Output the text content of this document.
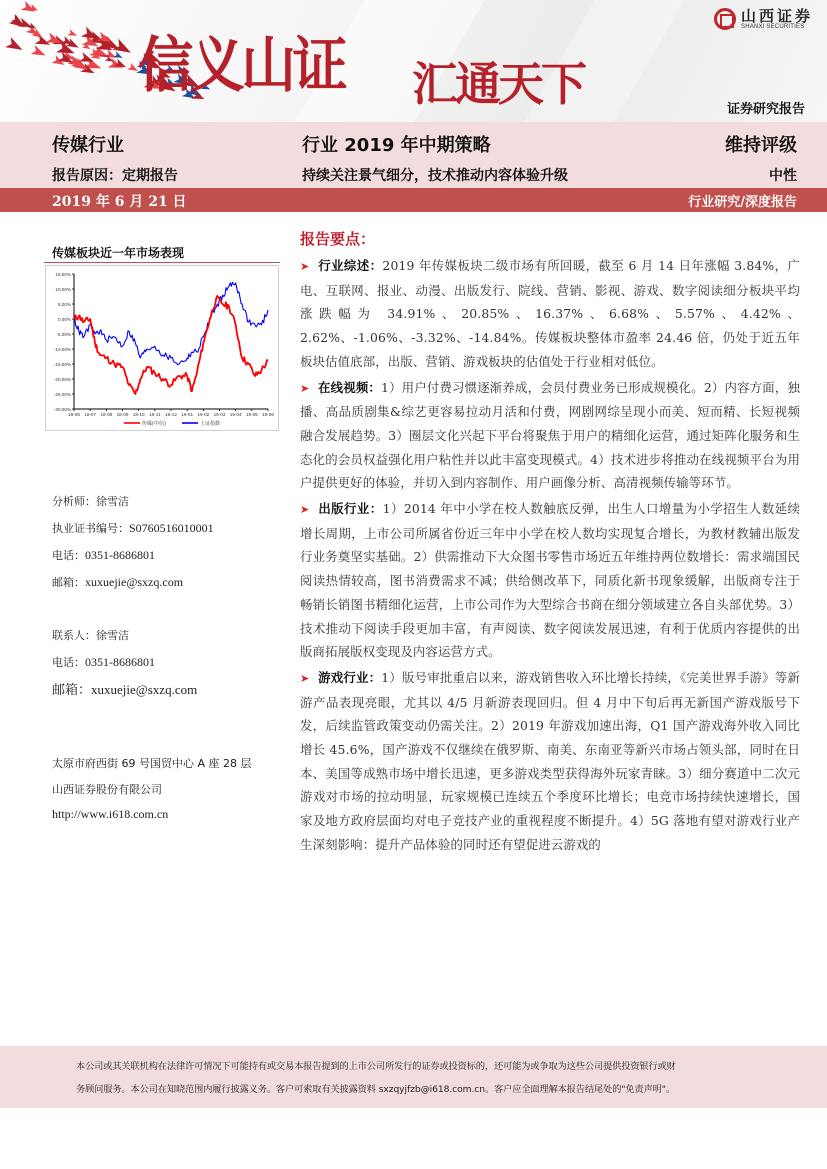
信义山证 汇通天下
山西证券
SHANXI SECURITIES
证券研究报告
传媒行业	行业 2019 年中期策略	维持评级
报告原因：定期报告	持续关注景气细分，技术推动内容体验升级	中性
2019 年 6 月 21 日	行业研究/深度报告
传媒板块近一年市场表现
15.00%
10.00%
5.00%
0.00%
-5.00%
-10.00%
-15.00%
-20.00%
-25.00%
-30.00%
18-06 18-07 18-08 18-09 18-10 18-11 18-12 19-01 19-02 19-03 19-04 19-05 19-06
传媒(中信)	上证指数
分析师：徐雪洁
执业证书编号：S0760516010001
电话：0351-8686801
邮箱：xuxuejie@sxzq.com
联系人：徐雪洁
电话：0351-8686801
邮箱：xuxuejie@sxzq.com
太原市府西街 69 号国贸中心 A 座 28 层
山西证券股份有限公司
http://www.i618.com.cn
报告要点：
➤ 行业综述：2019 年传媒板块二级市场有所回暖，截至 6 月 14 日年涨幅 3.84%，广电、互联网、报业、动漫、出版发行、院线、营销、影视、游戏、数字阅读细分板块平均涨跌幅为 34.91%、20.85%、16.37%、6.68%、5.57%、4.42%、2.62%、-1.06%、-3.32%、-14.84%。传媒板块整体市盈率 24.46 倍，仍处于近五年板块估值底部，出版、营销、游戏板块的估值处于行业相对低位。
➤ 在线视频：1）用户付费习惯逐渐养成，会员付费业务已形成规模化。2）内容方面，独播、高品质剧集&综艺更容易拉动月活和付费，网剧网综呈现小而美、短而精、长短视频融合发展趋势。3）圈层文化兴起下平台将聚焦于用户的精细化运营，通过矩阵化服务和生态化的会员权益强化用户粘性并以此丰富变现模式。4）技术进步将推动在线视频平台为用户提供更好的体验，并切入到内容制作、用户画像分析、高清视频传输等环节。
➤ 出版行业：1）2014 年中小学在校人数触底反弹，出生人口增量为小学招生人数延续增长周期，上市公司所属省份近三年中小学在校人数均实现复合增长，为教材教辅出版发行业务奠坚实基础。2）供需推动下大众图书零售市场近五年维持两位数增长：需求端国民阅读热情较高，图书消费需求不减；供给侧改革下，同质化新书现象缓解，出版商专注于畅销长销图书精细化运营，上市公司作为大型综合书商在细分领域建立各自头部优势。3）技术推动下阅读手段更加丰富，有声阅读、数字阅读发展迅速，有利于优质内容提供的出版商拓展版权变现及内容运营方式。
➤ 游戏行业：1）版号审批重启以来，游戏销售收入环比增长持续，《完美世界手游》等新游产品表现亮眼，尤其以 4/5 月新游表现回归。但 4 月中下旬后再无新国产游戏版号下发，后续监管政策变动仍需关注。2）2019 年游戏加速出海，Q1 国产游戏海外收入同比增长 45.6%，国产游戏不仅继续在俄罗斯、南美、东南亚等新兴市场占领头部，同时在日本、美国等成熟市场中增长迅速，更多游戏类型获得海外玩家青睐。3）细分赛道中二次元游戏对市场的拉动明显，玩家规模已连续五个季度环比增长；电竞市场持续快速增长，国家及地方政府层面均对电子竞技产业的重视程度不断提升。4）5G 落地有望对游戏行业产生深刻影响：提升产品体验的同时还有望促进云游戏的

本公司或其关联机构在法律许可情况下可能持有或交易本报告提到的上市公司所发行的证券或投资标的，还可能为或争取为这些公司提供投资银行或财

务顾问服务。本公司在知晓范围内履行披露义务。客户可索取有关披露资料 sxzqyjfzb@i618.com.cn。客户应全面理解本报告结尾处的"免责声明"。
